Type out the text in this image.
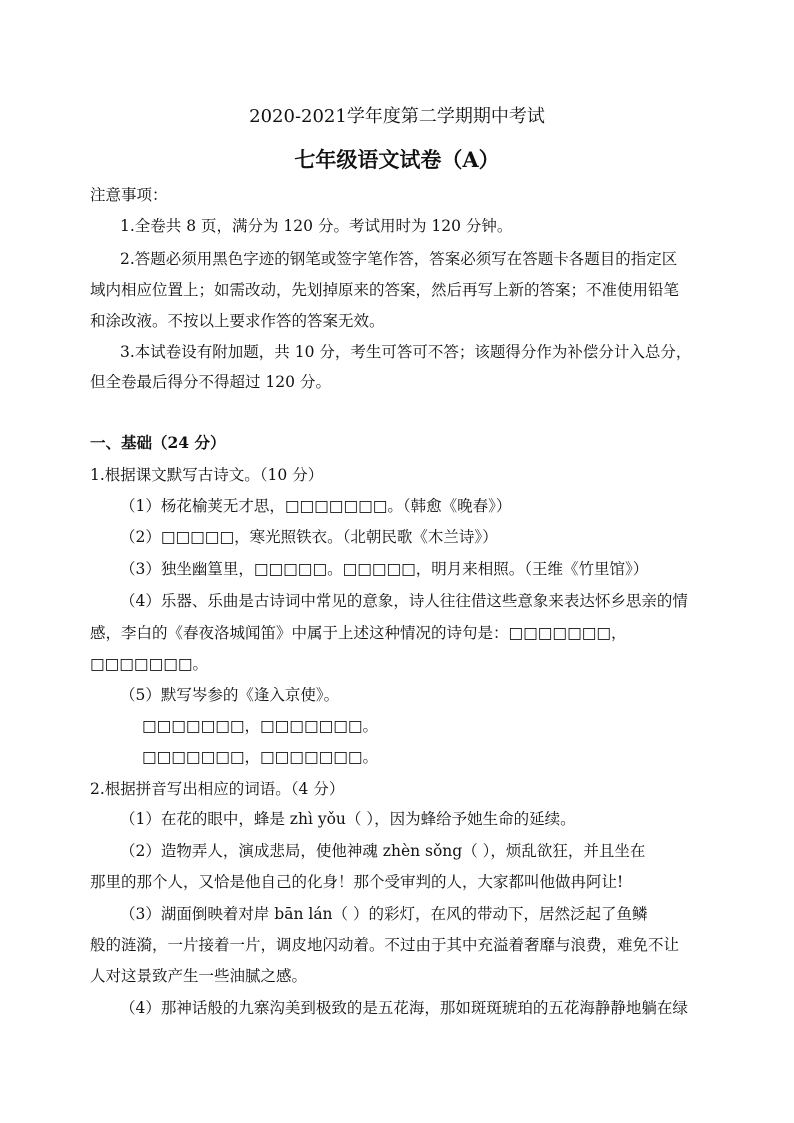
2020-2021学年度第二学期期中考试
七年级语文试卷（A）
注意事项：
1.全卷共 8 页，满分为 120 分。考试用时为 120 分钟。
2.答题必须用黑色字迹的钢笔或签字笔作答，答案必须写在答题卡各题目的指定区
域内相应位置上；如需改动，先划掉原来的答案，然后再写上新的答案；不准使用铅笔
和涂改液。不按以上要求作答的答案无效。
3.本试卷设有附加题，共 10 分，考生可答可不答；该题得分作为补偿分计入总分，
但全卷最后得分不得超过 120 分。
一、基础（24 分）
1.根据课文默写古诗文。（10 分）
（1）杨花榆荚无才思，□□□□□□□。（韩愈《晚春》）
（2）□□□□□，寒光照铁衣。（北朝民歌《木兰诗》）
（3）独坐幽篁里，□□□□□。□□□□□，明月来相照。（王维《竹里馆》）
（4）乐器、乐曲是古诗词中常见的意象，诗人往往借这些意象来表达怀乡思亲的情
感，李白的《春夜洛城闻笛》中属于上述这种情况的诗句是：□□□□□□□，
□□□□□□□。
（5）默写岑参的《逢入京使》。
□□□□□□□，□□□□□□□。
□□□□□□□，□□□□□□□。
2.根据拼音写出相应的词语。（4 分）
（1）在花的眼中，蜂是 zhì yǒu（ ），因为蜂给予她生命的延续。
（2）造物弄人，演成悲局，使他神魂 zhèn sǒng（ ），烦乱欲狂，并且坐在
那里的那个人，又恰是他自己的化身！那个受审判的人，大家都叫他做冉阿让!
（3）湖面倒映着对岸 bān lán（ ）的彩灯，在风的带动下，居然泛起了鱼鳞
般的涟漪，一片接着一片，调皮地闪动着。不过由于其中充溢着奢靡与浪费，难免不让
人对这景致产生一些油腻之感。
（4）那神话般的九寨沟美到极致的是五花海，那如斑斑琥珀的五花海静静地躺在绿
